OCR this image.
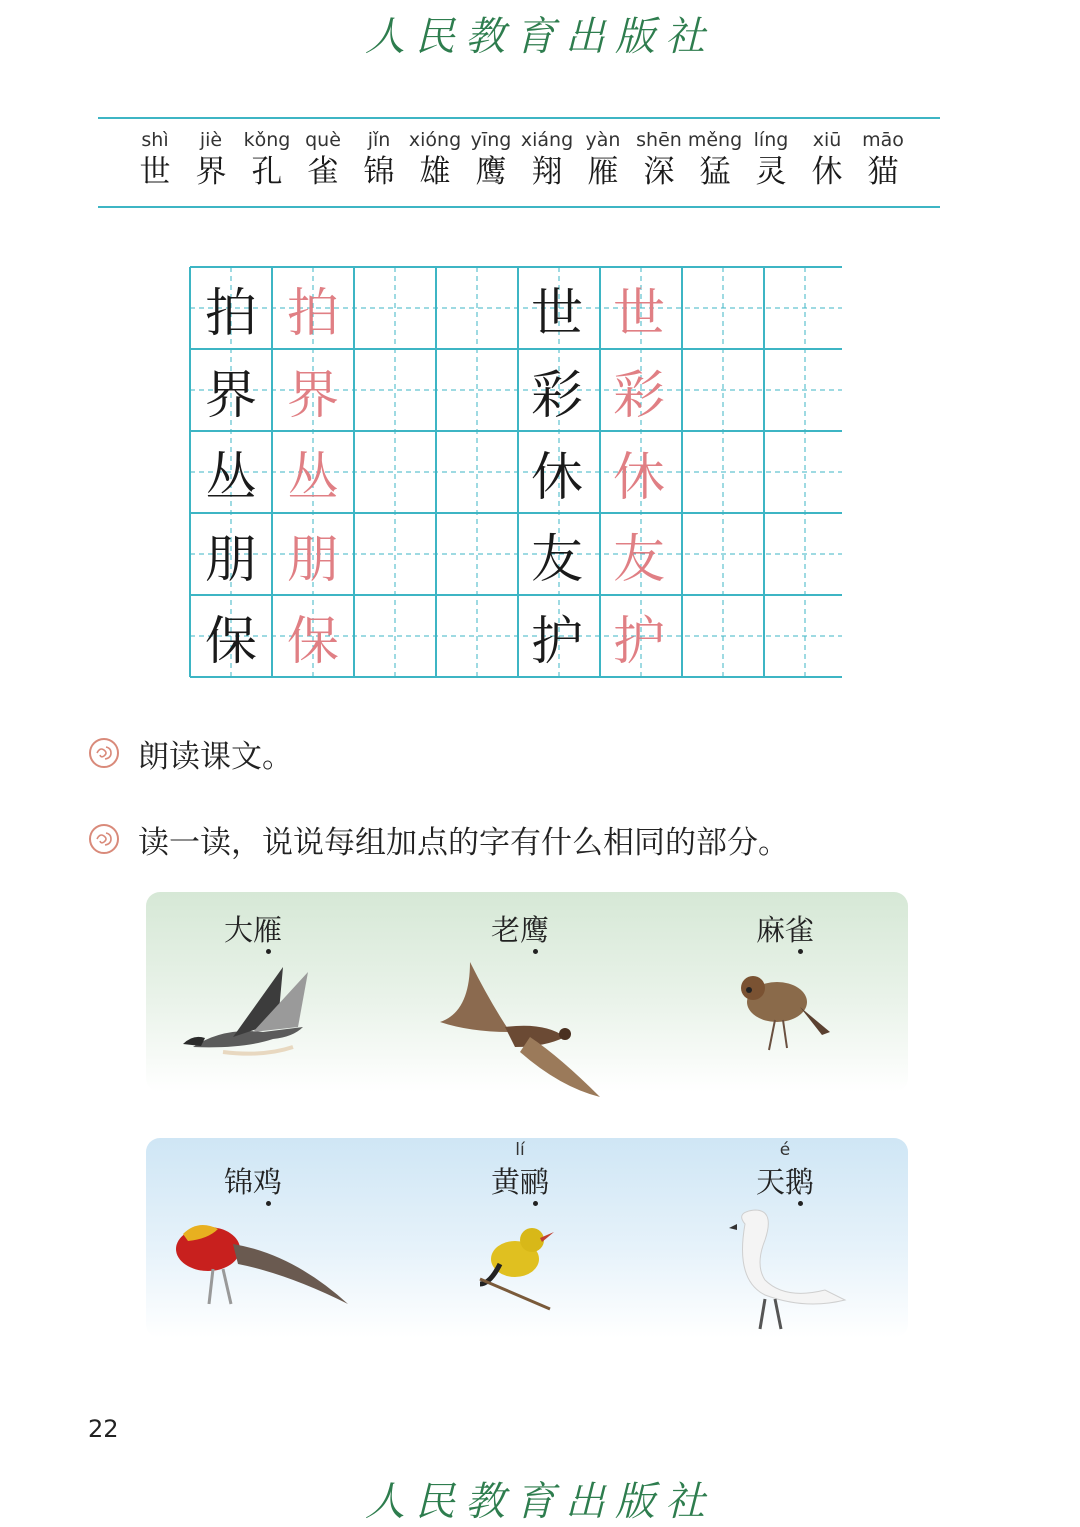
人民教育出版社
shì
世
jiè
界
kǒng
孔
què
雀
jǐn
锦
xióng
雄
yīng
鹰
xiáng
翔
yàn
雁
shēn
深
měng
猛
líng
灵
xiū
休
māo
猫
拍 拍
界 界
丛 丛
朋 朋
保 保
世 世
彩 彩
休 休
友 友
护 护
朗读课文。
读一读，说说每组加点的字有什么相同的部分。
大雁	老鹰	麻雀
锦鸡
lí
黄鹂
é
天鹅
22
人民教育出版社
